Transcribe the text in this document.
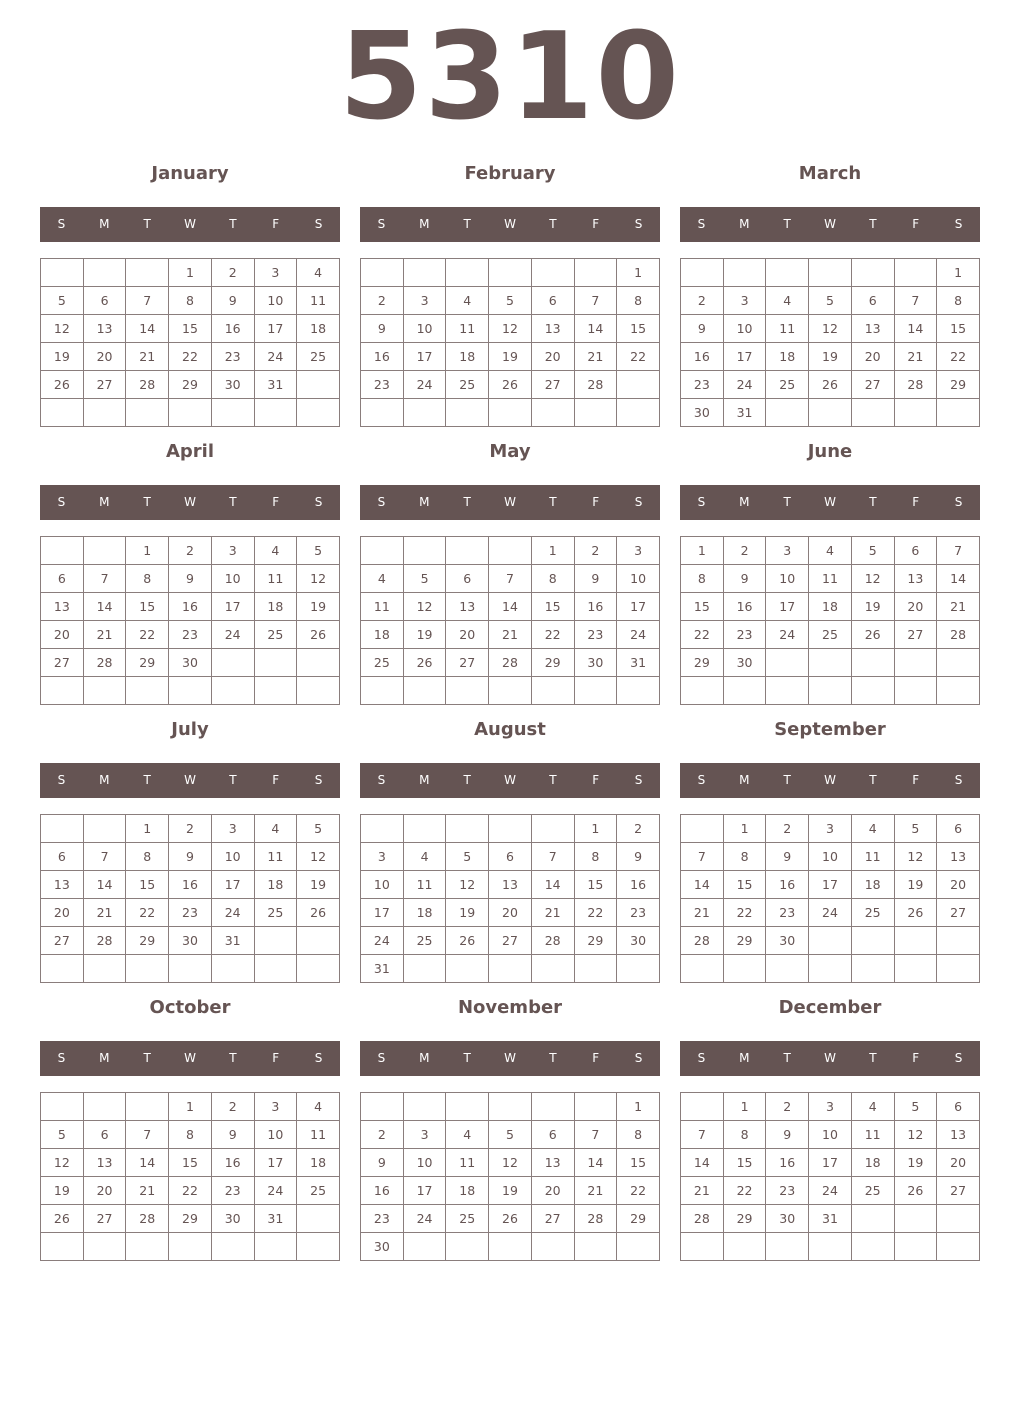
5310
January
S	M	T	W	T	F	S
			1	2	3	4
5	6	7	8	9	10	11
12	13	14	15	16	17	18
19	20	21	22	23	24	25
26	27	28	29	30	31	

February
S	M	T	W	T	F	S
						1
2	3	4	5	6	7	8
9	10	11	12	13	14	15
16	17	18	19	20	21	22
23	24	25	26	27	28	

March
S	M	T	W	T	F	S
						1
2	3	4	5	6	7	8
9	10	11	12	13	14	15
16	17	18	19	20	21	22
23	24	25	26	27	28	29
30	31					
April
S	M	T	W	T	F	S
		1	2	3	4	5
6	7	8	9	10	11	12
13	14	15	16	17	18	19
20	21	22	23	24	25	26
27	28	29	30			

May
S	M	T	W	T	F	S
				1	2	3
4	5	6	7	8	9	10
11	12	13	14	15	16	17
18	19	20	21	22	23	24
25	26	27	28	29	30	31

June
S	M	T	W	T	F	S
1	2	3	4	5	6	7
8	9	10	11	12	13	14
15	16	17	18	19	20	21
22	23	24	25	26	27	28
29	30					

July
S	M	T	W	T	F	S
		1	2	3	4	5
6	7	8	9	10	11	12
13	14	15	16	17	18	19
20	21	22	23	24	25	26
27	28	29	30	31		

August
S	M	T	W	T	F	S
					1	2
3	4	5	6	7	8	9
10	11	12	13	14	15	16
17	18	19	20	21	22	23
24	25	26	27	28	29	30
31						
September
S	M	T	W	T	F	S
	1	2	3	4	5	6
7	8	9	10	11	12	13
14	15	16	17	18	19	20
21	22	23	24	25	26	27
28	29	30				

October
S	M	T	W	T	F	S
			1	2	3	4
5	6	7	8	9	10	11
12	13	14	15	16	17	18
19	20	21	22	23	24	25
26	27	28	29	30	31	

November
S	M	T	W	T	F	S
						1
2	3	4	5	6	7	8
9	10	11	12	13	14	15
16	17	18	19	20	21	22
23	24	25	26	27	28	29
30						
December
S	M	T	W	T	F	S
	1	2	3	4	5	6
7	8	9	10	11	12	13
14	15	16	17	18	19	20
21	22	23	24	25	26	27
28	29	30	31			
